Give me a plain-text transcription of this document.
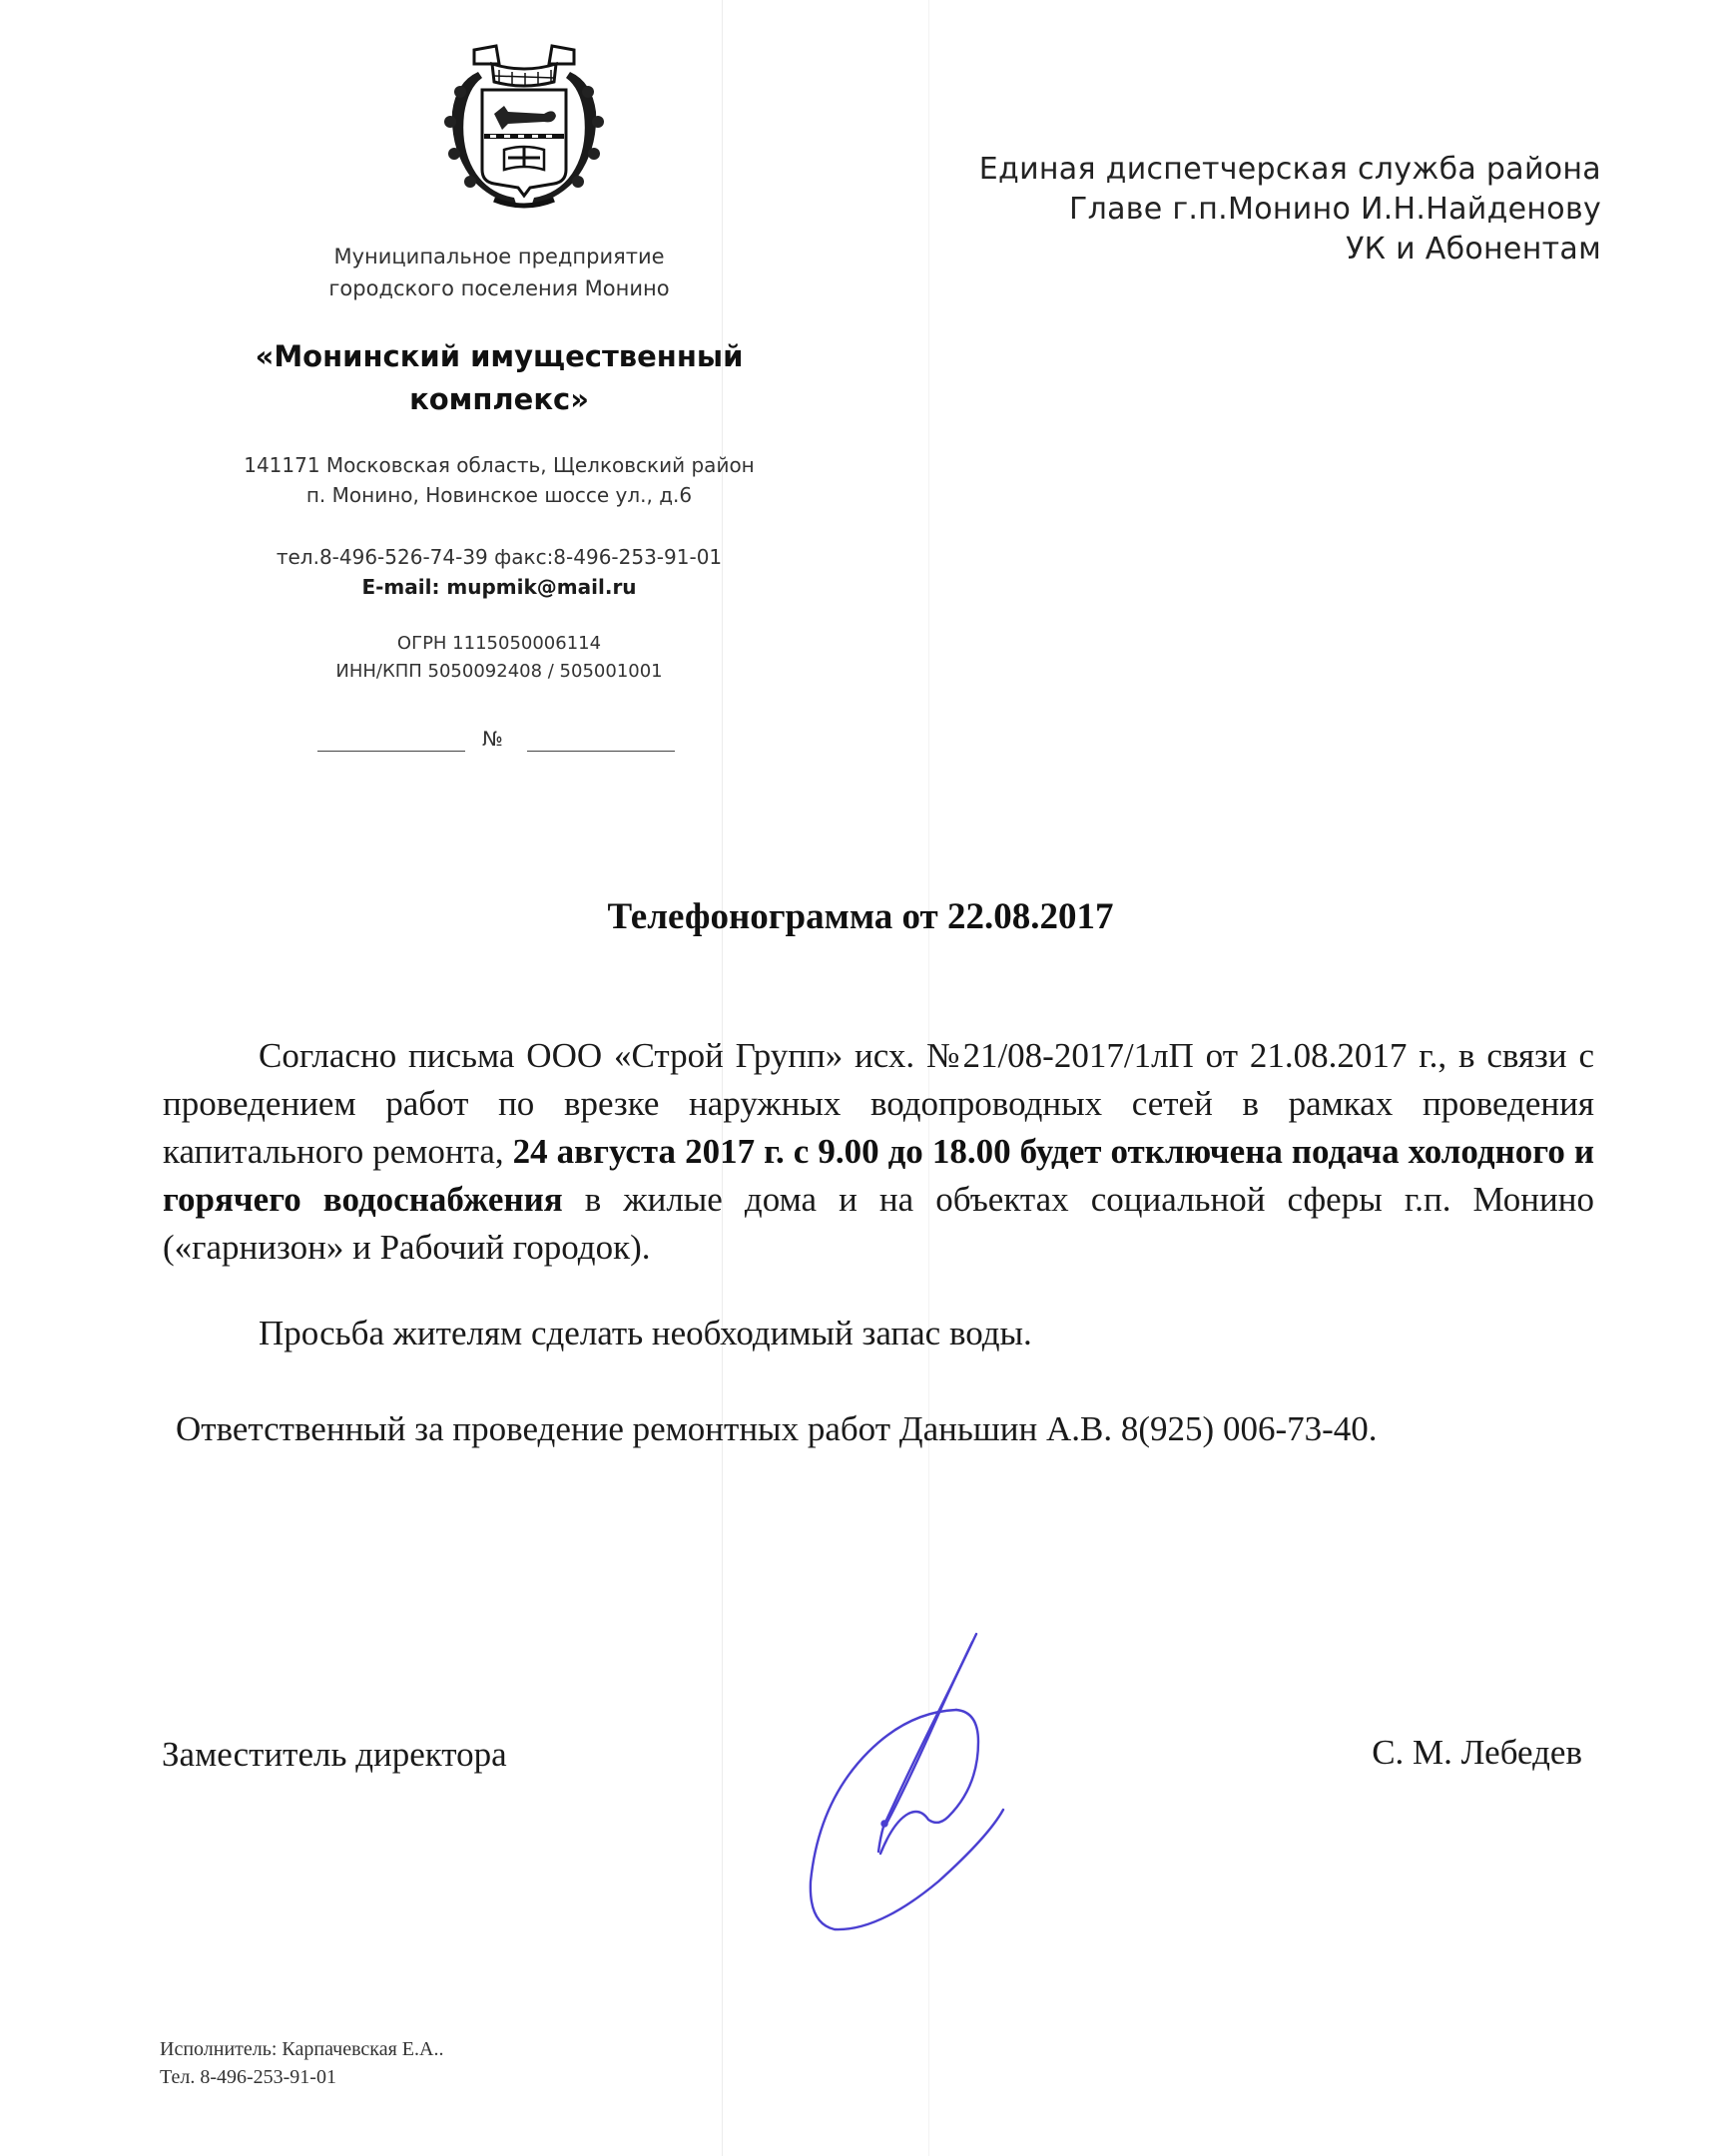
Единая диспетчерская служба района
Главе г.п.Монино И.Н.Найденову
УК и Абонентам
Муниципальное предприятие
городского поселения Монино
«Монинский имущественный
комплекс»
141171 Московская область, Щелковский район
п. Монино, Новинское шоссе ул., д.6
тел.8-496-526-74-39 факс:8-496-253-91-01
E-mail: mupmik@mail.ru
ОГРН 1115050006114
ИНН/КПП 5050092408 / 505001001
№
Телефонограмма от 22.08.2017
Согласно письма ООО «Строй Групп» исх. №21/08-2017/1лП от 21.08.2017 г., в связи с проведением работ по врезке наружных водопроводных сетей в рамках проведения капитального ремонта, 24 августа 2017 г. с 9.00 до 18.00 будет отключена подача холодного и горячего водоснабжения в жилые дома и на объектах социальной сферы г.п. Монино («гарнизон» и Рабочий городок).
Просьба жителям сделать необходимый запас воды.
Ответственный за проведение ремонтных работ Даньшин А.В. 8(925) 006-73-40.
Заместитель директора	С. М. Лебедев
Исполнитель: Карпачевская Е.А..
Тел. 8-496-253-91-01
